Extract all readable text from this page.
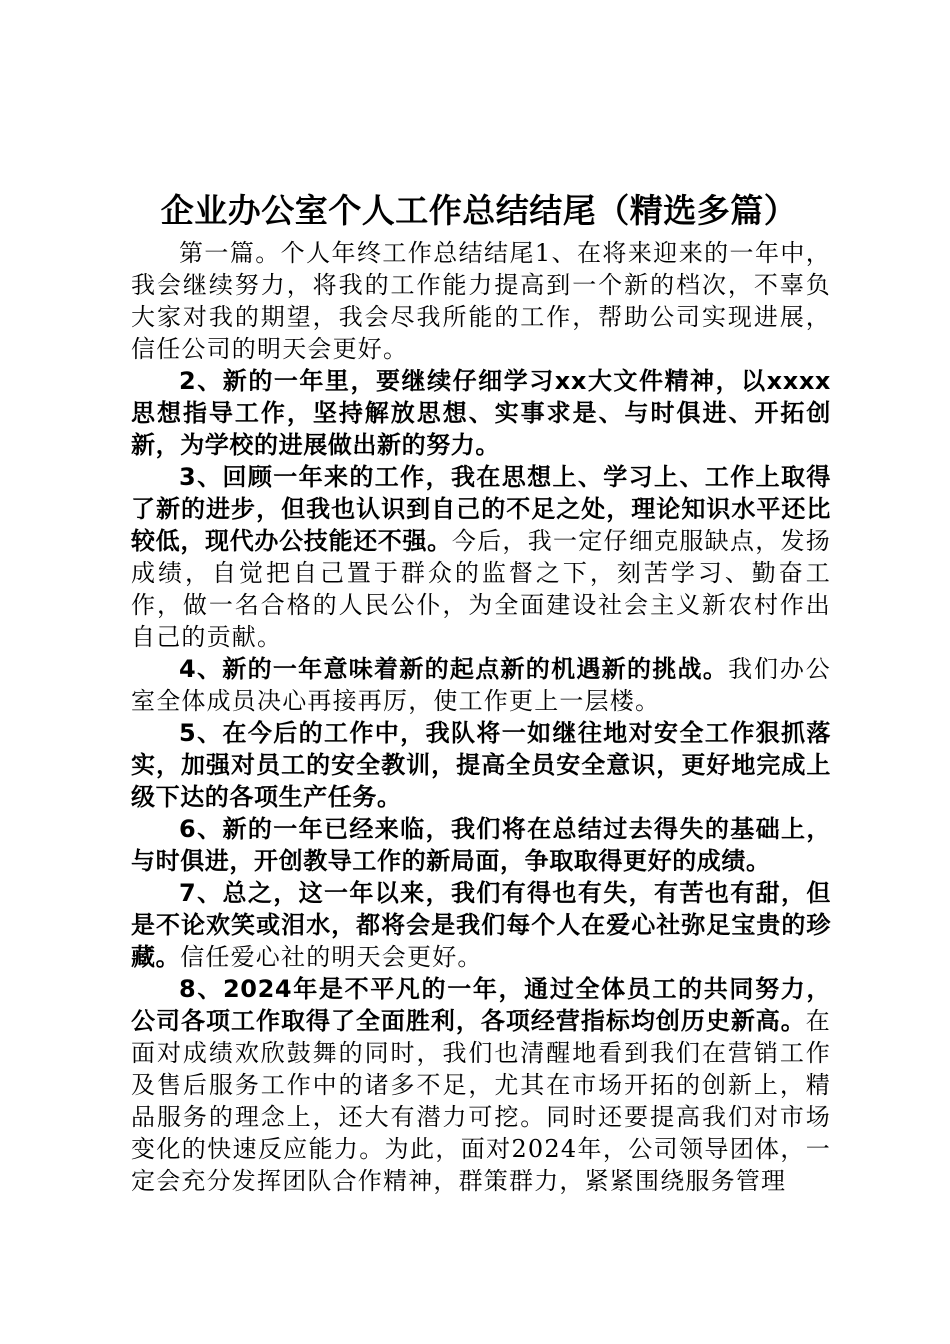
企业办公室个人工作总结结尾（精选多篇）

第一篇。个人年终工作总结结尾1、在将来迎来的一年中，我会继续努力，将我的工作能力提高到一个新的档次，不辜负大家对我的期望，我会尽我所能的工作，帮助公司实现进展，信任公司的明天会更好。

2、新的一年里，要继续仔细学习xx大文件精神，以xxxx思想指导工作，坚持解放思想、实事求是、与时俱进、开拓创新，为学校的进展做出新的努力。

3、回顾一年来的工作，我在思想上、学习上、工作上取得了新的进步，但我也认识到自己的不足之处，理论知识水平还比较低，现代办公技能还不强。今后，我一定仔细克服缺点，发扬成绩，自觉把自己置于群众的监督之下，刻苦学习、勤奋工作，做一名合格的人民公仆，为全面建设社会主义新农村作出自己的贡献。

4、新的一年意味着新的起点新的机遇新的挑战。我们办公室全体成员决心再接再厉，使工作更上一层楼。

5、在今后的工作中，我队将一如继往地对安全工作狠抓落实，加强对员工的安全教训，提高全员安全意识，更好地完成上级下达的各项生产任务。

6、新的一年已经来临，我们将在总结过去得失的基础上，与时俱进，开创教导工作的新局面，争取取得更好的成绩。

7、总之，这一年以来，我们有得也有失，有苦也有甜，但是不论欢笑或泪水，都将会是我们每个人在爱心社弥足宝贵的珍藏。信任爱心社的明天会更好。

8、2024年是不平凡的一年，通过全体员工的共同努力，公司各项工作取得了全面胜利，各项经营指标均创历史新高。在面对成绩欢欣鼓舞的同时，我们也清醒地看到我们在营销工作及售后服务工作中的诸多不足，尤其在市场开拓的创新上，精品服务的理念上，还大有潜力可挖。同时还要提高我们对市场变化的快速反应能力。为此，面对2024年，公司领导团体，一定会充分发挥团队合作精神，群策群力，紧紧围绕服务管理
